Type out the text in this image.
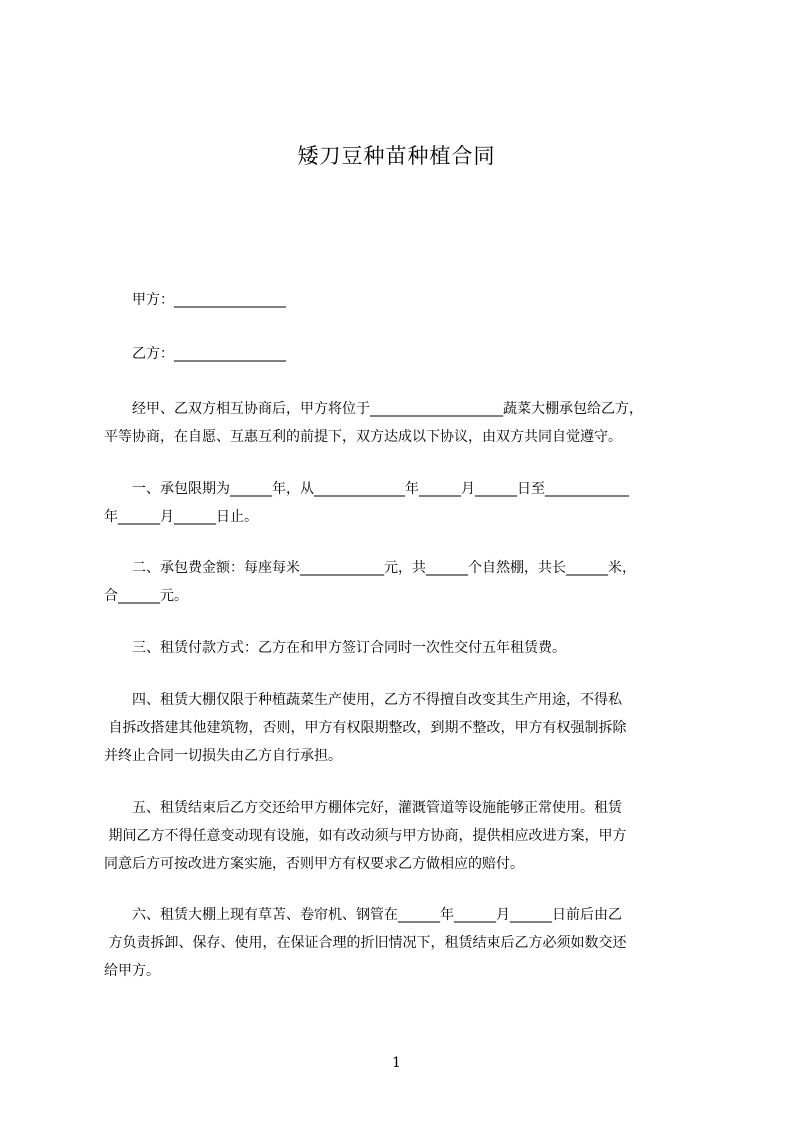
矮刀豆种苗种植合同

　　甲方：________________

　　乙方：________________

　　经甲、乙双方相互协商后，甲方将位于___________________蔬菜大棚承包给乙方，
平等协商，在自愿、互惠互利的前提下，双方达成以下协议，由双方共同自觉遵守。

　　一、承包限期为______年，从_____________年______月______日至____________
年______月______日止。

　　二、承包费金额：每座每米____________元，共______个自然棚，共长______米，
合______元。

　　三、租赁付款方式：乙方在和甲方签订合同时一次性交付五年租赁费。

　　四、租赁大棚仅限于种植蔬菜生产使用，乙方不得擅自改变其生产用途，不得私
自拆改搭建其他建筑物，否则，甲方有权限期整改，到期不整改，甲方有权强制拆除
并终止合同一切损失由乙方自行承担。

　　五、租赁结束后乙方交还给甲方棚体完好，灌溉管道等设施能够正常使用。租赁
期间乙方不得任意变动现有设施，如有改动须与甲方协商，提供相应改进方案，甲方
同意后方可按改进方案实施，否则甲方有权要求乙方做相应的赔付。

　　六、租赁大棚上现有草苫、卷帘机、钢管在______年______月______日前后由乙
方负责拆卸、保存、使用，在保证合理的折旧情况下，租赁结束后乙方必须如数交还
给甲方。

1
